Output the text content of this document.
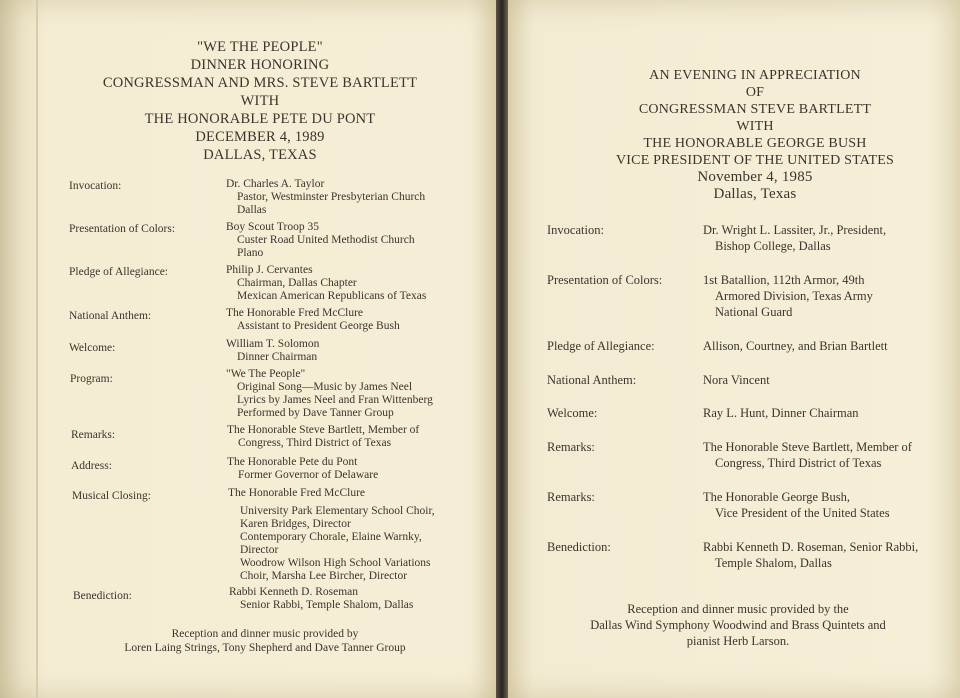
"WE THE PEOPLE"
DINNER HONORING
CONGRESSMAN AND MRS. STEVE BARTLETT
WITH
THE HONORABLE PETE DU PONT
DECEMBER 4, 1989
DALLAS, TEXAS
Invocation:	Dr. Charles A. Taylor
Pastor, Westminster Presbyterian Church
Dallas
Presentation of Colors:	Boy Scout Troop 35
Custer Road United Methodist Church
Plano
Pledge of Allegiance:	Philip J. Cervantes
Chairman, Dallas Chapter
Mexican American Republicans of Texas
National Anthem:	The Honorable Fred McClure
Assistant to President George Bush
Welcome:	William T. Solomon
Dinner Chairman
Program:	"We The People"
Original Song—Music by James Neel
Lyrics by James Neel and Fran Wittenberg
Performed by Dave Tanner Group
Remarks:	The Honorable Steve Bartlett, Member of
Congress, Third District of Texas
Address:	The Honorable Pete du Pont
Former Governor of Delaware
Musical Closing:	The Honorable Fred McClure
University Park Elementary School Choir,
Karen Bridges, Director
Contemporary Chorale, Elaine Warnky,
Director
Woodrow Wilson High School Variations
Choir, Marsha Lee Bircher, Director
Benediction:	Rabbi Kenneth D. Roseman
Senior Rabbi, Temple Shalom, Dallas
Reception and dinner music provided by
Loren Laing Strings, Tony Shepherd and Dave Tanner Group
AN EVENING IN APPRECIATION
OF
CONGRESSMAN STEVE BARTLETT
WITH
THE HONORABLE GEORGE BUSH
VICE PRESIDENT OF THE UNITED STATES
November 4, 1985
Dallas, Texas
Invocation:	Dr. Wright L. Lassiter, Jr., President,
Bishop College, Dallas
Presentation of Colors:	1st Batallion, 112th Armor, 49th
Armored Division, Texas Army
National Guard
Pledge of Allegiance:	Allison, Courtney, and Brian Bartlett
National Anthem:	Nora Vincent
Welcome:	Ray L. Hunt, Dinner Chairman
Remarks:	The Honorable Steve Bartlett, Member of
Congress, Third District of Texas
Remarks:	The Honorable George Bush,
Vice President of the United States
Benediction:	Rabbi Kenneth D. Roseman, Senior Rabbi,
Temple Shalom, Dallas
Reception and dinner music provided by the
Dallas Wind Symphony Woodwind and Brass Quintets and
pianist Herb Larson.
